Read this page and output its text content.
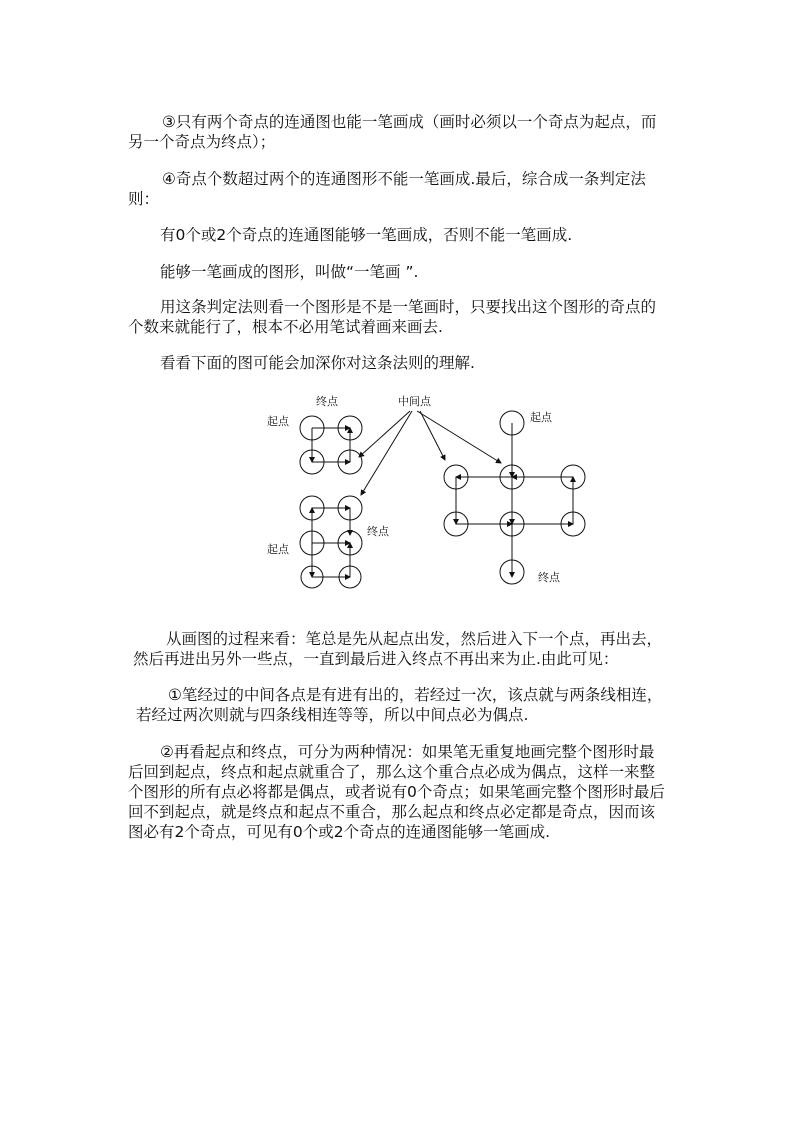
③只有两个奇点的连通图也能一笔画成（画时必须以一个奇点为起点，而

另一个奇点为终点）；

④奇点个数超过两个的连通图形不能一笔画成.最后，综合成一条判定法

则：

有0个或2个奇点的连通图能够一笔画成，否则不能一笔画成.

能够一笔画成的图形，叫做“一笔画 ”.

用这条判定法则看一个图形是不是一笔画时，只要找出这个图形的奇点的

个数来就能行了，根本不必用笔试着画来画去.

看看下面的图可能会加深你对这条法则的理解.

终点
起点
起点
终点
中间点
起点
终点

从画图的过程来看：笔总是先从起点出发，然后进入下一个点，再出去，

然后再进出另外一些点，一直到最后进入终点不再出来为止.由此可见：

①笔经过的中间各点是有进有出的，若经过一次，该点就与两条线相连，

若经过两次则就与四条线相连等等，所以中间点必为偶点.

②再看起点和终点，可分为两种情况：如果笔无重复地画完整个图形时最

后回到起点，终点和起点就重合了，那么这个重合点必成为偶点，这样一来整

个图形的所有点必将都是偶点，或者说有0个奇点；如果笔画完整个图形时最后

回不到起点，就是终点和起点不重合，那么起点和终点必定都是奇点，因而该

图必有2个奇点，可见有0个或2个奇点的连通图能够一笔画成.
